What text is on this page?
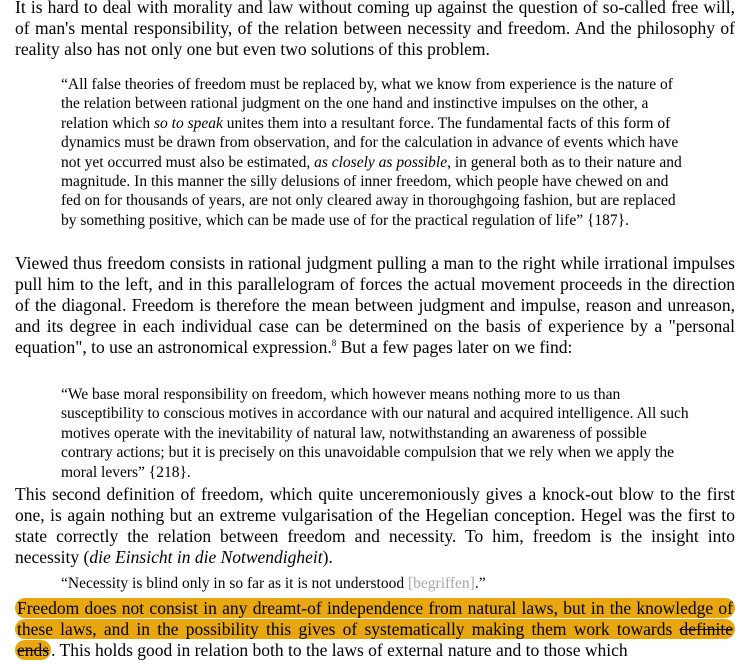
It is hard to deal with morality and law without coming up against the question of so-called free will, of man's mental responsibility, of the relation between necessity and freedom. And the philosophy of reality also has not only one but even two solutions of this problem.

“All false theories of freedom must be replaced by, what we know from experience is the nature of the relation between rational judgment on the one hand and instinctive impulses on the other, a relation which so to speak unites them into a resultant force. The fundamental facts of this form of dynamics must be drawn from observation, and for the calculation in advance of events which have not yet occurred must also be estimated, as closely as possible, in general both as to their nature and magnitude. In this manner the silly delusions of inner freedom, which people have chewed on and fed on for thousands of years, are not only cleared away in thoroughgoing fashion, but are replaced by something positive, which can be made use of for the practical regulation of life” {187}.

Viewed thus freedom consists in rational judgment pulling a man to the right while irrational impulses pull him to the left, and in this parallelogram of forces the actual movement proceeds in the direction of the diagonal. Freedom is therefore the mean between judgment and impulse, reason and unreason, and its degree in each individual case can be determined on the basis of experience by a "personal equation", to use an astronomical expression.$^8$ But a few pages later on we find:

“We base moral responsibility on freedom, which however means nothing more to us than susceptibility to conscious motives in accordance with our natural and acquired intelligence. All such motives operate with the inevitability of natural law, notwithstanding an awareness of possible contrary actions; but it is precisely on this unavoidable compulsion that we rely when we apply the moral levers” {218}.

This second definition of freedom, which quite unceremoniously gives a knock-out blow to the first one, is again nothing but an extreme vulgarisation of the Hegelian conception. Hegel was the first to state correctly the relation between freedom and necessity. To him, freedom is the insight into necessity (die Einsicht in die Notwendigheit).

“Necessity is blind only in so far as it is not understood [begriffen].”

Freedom does not consist in any dreamt-of independence from natural laws, but in the knowledge of these laws, and in the possibility this gives of systematically making them work towards definite ends . This holds good in relation both to the laws of external nature and to those which
